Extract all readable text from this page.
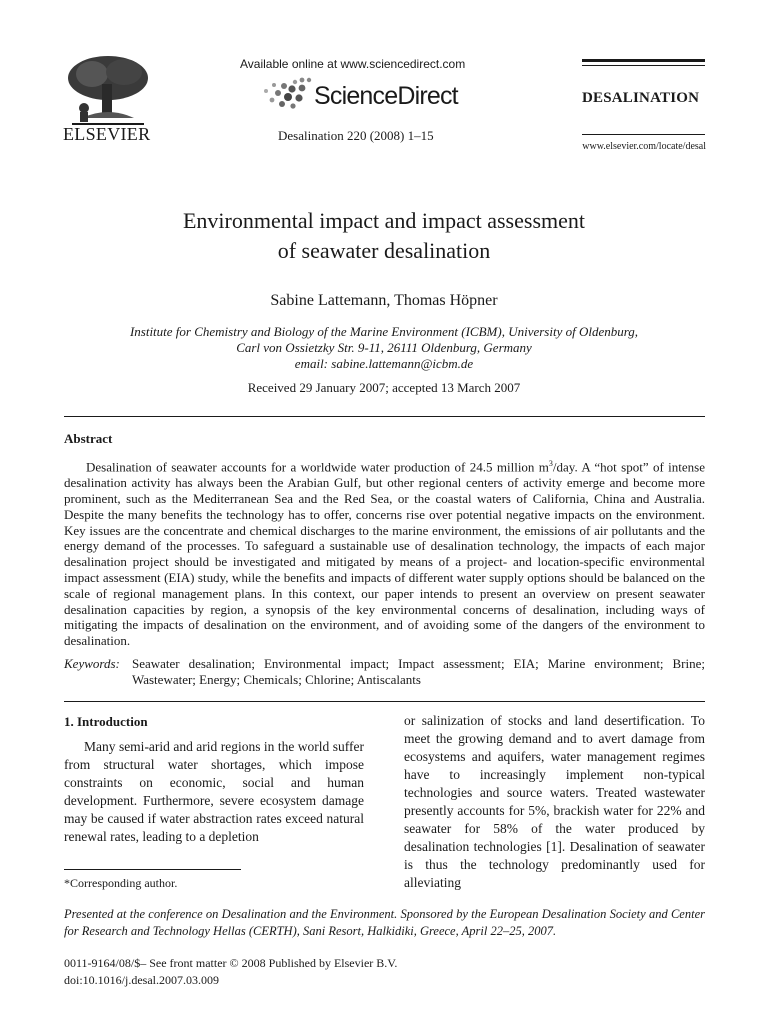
ELSEVIER
Available online at www.sciencedirect.com
ScienceDirect
Desalination 220 (2008) 1–15
DESALINATION
www.elsevier.com/locate/desal
Environmental impact and impact assessment
of seawater desalination
Sabine Lattemann, Thomas Höpner
Institute for Chemistry and Biology of the Marine Environment (ICBM), University of Oldenburg,
Carl von Ossietzky Str. 9-11, 26111 Oldenburg, Germany
email: sabine.lattemann@icbm.de
Received 29 January 2007; accepted 13 March 2007
Abstract
Desalination of seawater accounts for a worldwide water production of 24.5 million $m^3$/day. A “hot spot” of intense desalination activity has always been the Arabian Gulf, but other regional centers of activity emerge and become more prominent, such as the Mediterranean Sea and the Red Sea, or the coastal waters of California, China and Australia. Despite the many benefits the technology has to offer, concerns rise over potential negative impacts on the environment. Key issues are the concentrate and chemical discharges to the marine environment, the emissions of air pollutants and the energy demand of the processes. To safeguard a sustainable use of desalination technology, the impacts of each major desalination project should be investigated and mitigated by means of a project- and location-specific environmental impact assessment (EIA) study, while the benefits and impacts of different water supply options should be balanced on the scale of regional management plans. In this context, our paper intends to present an overview on present seawater desalination capacities by region, a synopsis of the key environmental concerns of desalination, including ways of mitigating the impacts of desalination on the environment, and of avoiding some of the dangers of the environment to desalination.
Keywords: Seawater desalination; Environmental impact; Impact assessment; EIA; Marine environment; Brine; Wastewater; Energy; Chemicals; Chlorine; Antiscalants
1. Introduction
Many semi-arid and arid regions in the world suffer from structural water shortages, which impose constraints on economic, social and human development. Furthermore, severe ecosystem damage may be caused if water abstraction rates exceed natural renewal rates, leading to a depletion
or salinization of stocks and land desertification. To meet the growing demand and to avert damage from ecosystems and aquifers, water management regimes have to increasingly implement non-typical technologies and source waters. Treated wastewater presently accounts for 5%, brackish water for 22% and seawater for 58% of the water produced by desalination technologies [1]. Desalination of seawater is thus the technology predominantly used for alleviating
*Corresponding author.
Presented at the conference on Desalination and the Environment. Sponsored by the European Desalination Society and Center for Research and Technology Hellas (CERTH), Sani Resort, Halkidiki, Greece, April 22–25, 2007.
0011-9164/08/$– See front matter © 2008 Published by Elsevier B.V.
doi:10.1016/j.desal.2007.03.009
